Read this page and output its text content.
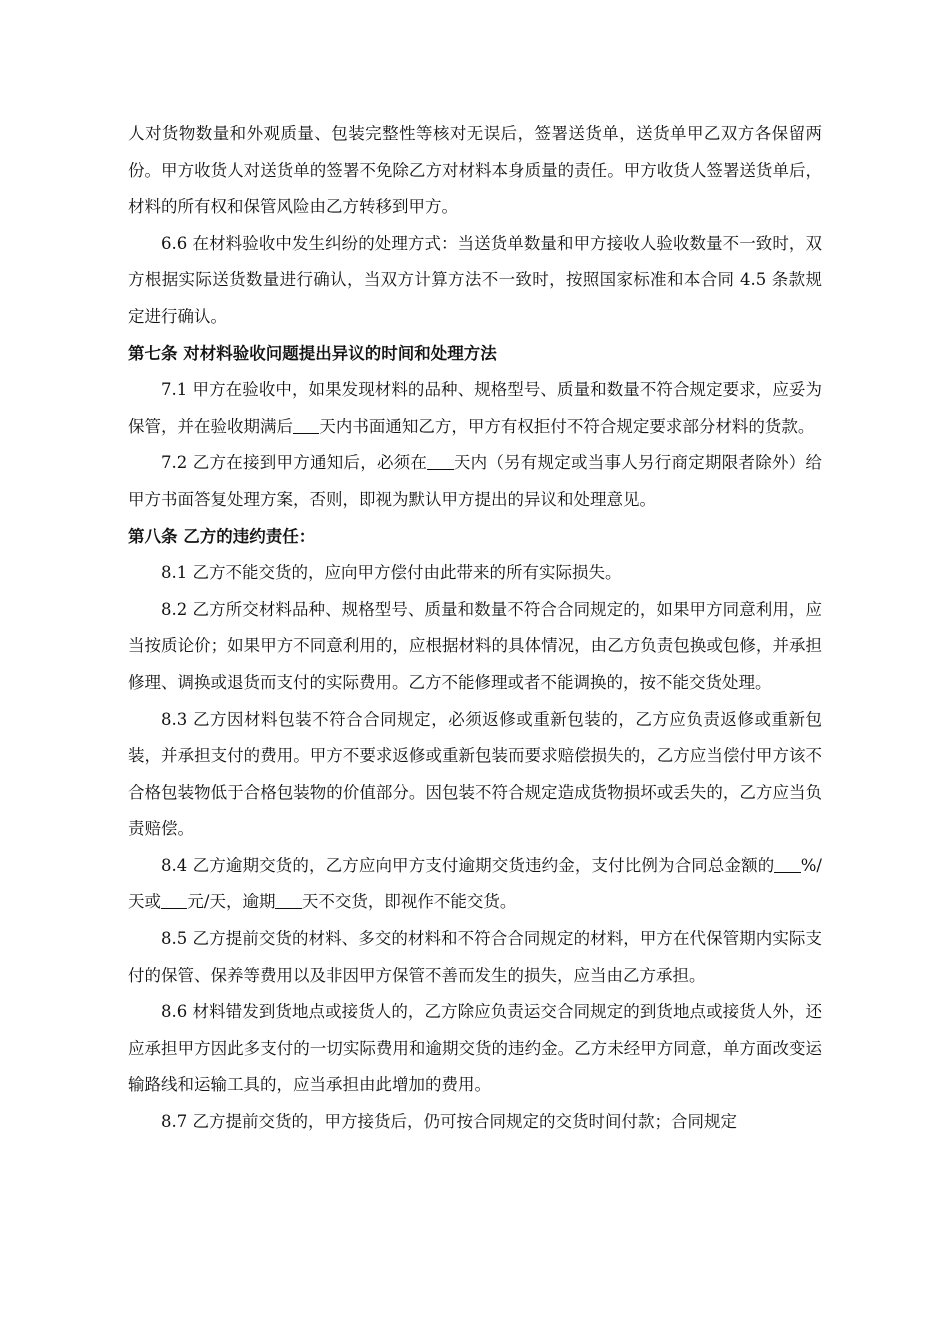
人对货物数量和外观质量、包装完整性等核对无误后，签署送货单，送货单甲乙双方各保留两份。甲方收货人对送货单的签署不免除乙方对材料本身质量的责任。甲方收货人签署送货单后，材料的所有权和保管风险由乙方转移到甲方。

6.6 在材料验收中发生纠纷的处理方式：当送货单数量和甲方接收人验收数量不一致时，双方根据实际送货数量进行确认，当双方计算方法不一致时，按照国家标准和本合同 4.5 条款规定进行确认。

第七条 对材料验收问题提出异议的时间和处理方法

7.1 甲方在验收中，如果发现材料的品种、规格型号、质量和数量不符合规定要求，应妥为保管，并在验收期满后 天内书面通知乙方，甲方有权拒付不符合规定要求部分材料的货款。

7.2 乙方在接到甲方通知后，必须在 天内（另有规定或当事人另行商定期限者除外）给甲方书面答复处理方案，否则，即视为默认甲方提出的异议和处理意见。

第八条 乙方的违约责任：

8.1 乙方不能交货的，应向甲方偿付由此带来的所有实际损失。

8.2 乙方所交材料品种、规格型号、质量和数量不符合合同规定的，如果甲方同意利用，应当按质论价；如果甲方不同意利用的，应根据材料的具体情况，由乙方负责包换或包修，并承担修理、调换或退货而支付的实际费用。乙方不能修理或者不能调换的，按不能交货处理。

8.3 乙方因材料包装不符合合同规定，必须返修或重新包装的，乙方应负责返修或重新包装，并承担支付的费用。甲方不要求返修或重新包装而要求赔偿损失的，乙方应当偿付甲方该不合格包装物低于合格包装物的价值部分。因包装不符合规定造成货物损坏或丢失的，乙方应当负责赔偿。

8.4 乙方逾期交货的，乙方应向甲方支付逾期交货违约金，支付比例为合同总金额的 %/天或 元/天，逾期 天不交货，即视作不能交货。

8.5 乙方提前交货的材料、多交的材料和不符合合同规定的材料，甲方在代保管期内实际支付的保管、保养等费用以及非因甲方保管不善而发生的损失，应当由乙方承担。

8.6 材料错发到货地点或接货人的，乙方除应负责运交合同规定的到货地点或接货人外，还应承担甲方因此多支付的一切实际费用和逾期交货的违约金。乙方未经甲方同意，单方面改变运输路线和运输工具的，应当承担由此增加的费用。

8.7 乙方提前交货的，甲方接货后，仍可按合同规定的交货时间付款；合同规定
